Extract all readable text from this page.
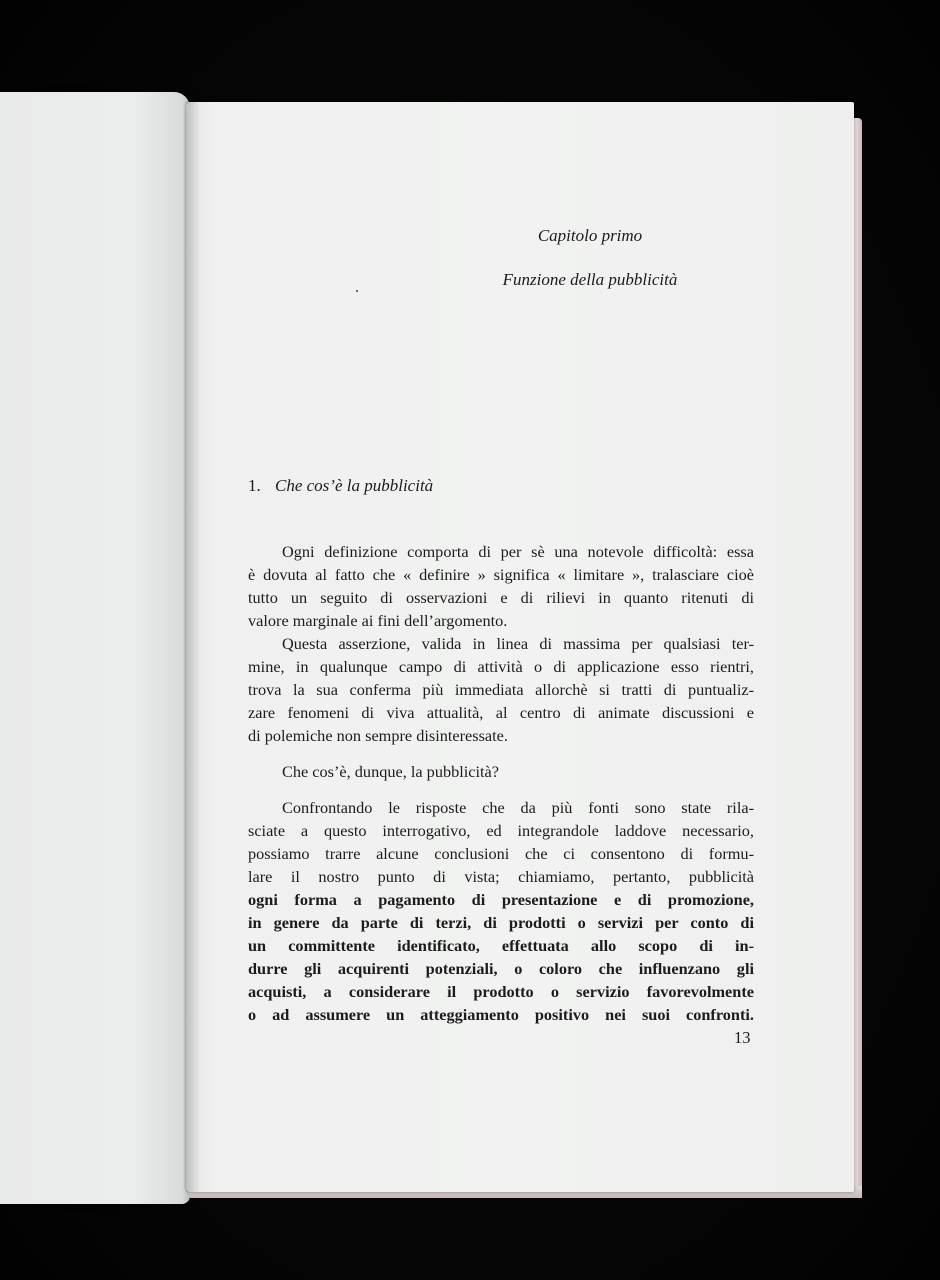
Capitolo primo

Funzione della pubblicità

1. Che cos’è la pubblicità

Ogni definizione comporta di per sè una notevole difficoltà: essa
è dovuta al fatto che « definire » significa « limitare », tralasciare cioè
tutto un seguito di osservazioni e di rilievi in quanto ritenuti di
valore marginale ai fini dell’argomento.

Questa asserzione, valida in linea di massima per qualsiasi ter-
mine, in qualunque campo di attività o di applicazione esso rientri,
trova la sua conferma più immediata allorchè si tratti di puntualiz-
zare fenomeni di viva attualità, al centro di animate discussioni e
di polemiche non sempre disinteressate.

Che cos’è, dunque, la pubblicità?

Confrontando le risposte che da più fonti sono state rila-
sciate a questo interrogativo, ed integrandole laddove necessario,
possiamo trarre alcune conclusioni che ci consentono di formu-
lare il nostro punto di vista; chiamiamo, pertanto, pubblicità
ogni forma a pagamento di presentazione e di promozione,
in genere da parte di terzi, di prodotti o servizi per conto di
un committente identificato, effettuata allo scopo di in-
durre gli acquirenti potenziali, o coloro che influenzano gli
acquisti, a considerare il prodotto o servizio favorevolmente
o ad assumere un atteggiamento positivo nei suoi confronti.

13
